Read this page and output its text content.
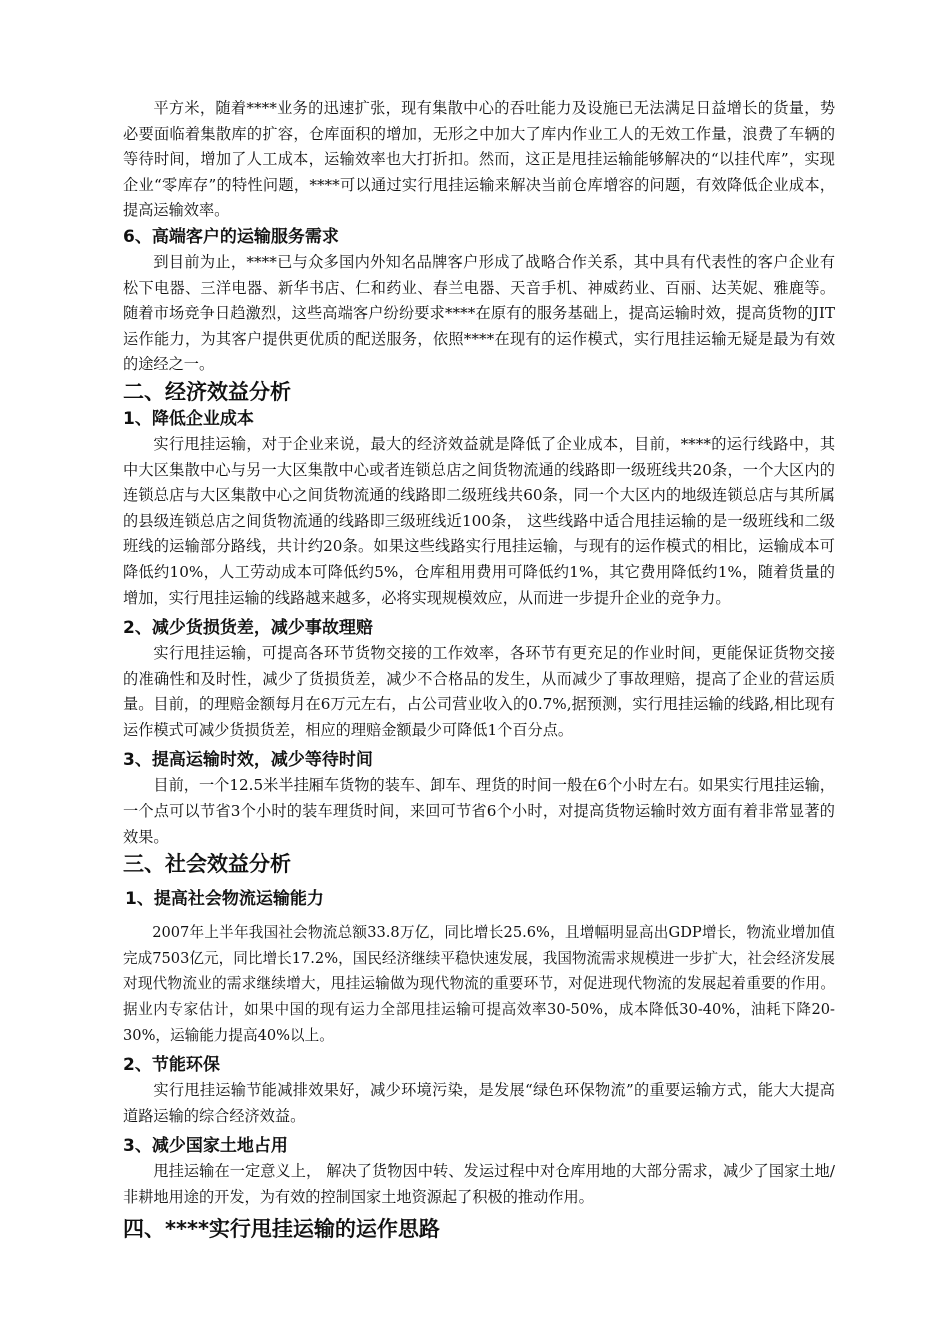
平方米，随着****业务的迅速扩张，现有集散中心的吞吐能力及设施已无法满足日益增长的货量，势必要面临着集散库的扩容，仓库面积的增加，无形之中加大了库内作业工人的无效工作量，浪费了车辆的等待时间，增加了人工成本，运输效率也大打折扣。然而，这正是甩挂运输能够解决的“以挂代库”，实现企业“零库存”的特性问题，****可以通过实行甩挂运输来解决当前仓库增容的问题，有效降低企业成本，提高运输效率。

6、高端客户的运输服务需求

到目前为止，****已与众多国内外知名品牌客户形成了战略合作关系，其中具有代表性的客户企业有松下电器、三洋电器、新华书店、仁和药业、春兰电器、天音手机、神威药业、百丽、达芙妮、雅鹿等。随着市场竞争日趋激烈，这些高端客户纷纷要求****在原有的服务基础上，提高运输时效，提高货物的JIT运作能力，为其客户提供更优质的配送服务，依照****在现有的运作模式，实行甩挂运输无疑是最为有效的途经之一。

二、经济效益分析
1、降低企业成本

实行甩挂运输，对于企业来说，最大的经济效益就是降低了企业成本，目前，****的运行线路中，其中大区集散中心与另一大区集散中心或者连锁总店之间货物流通的线路即一级班线共20条，一个大区内的连锁总店与大区集散中心之间货物流通的线路即二级班线共60条，同一个大区内的地级连锁总店与其所属的县级连锁总店之间货物流通的线路即三级班线近100条， 这些线路中适合甩挂运输的是一级班线和二级班线的运输部分路线，共计约20条。如果这些线路实行甩挂运输，与现有的运作模式的相比，运输成本可降低约10%，人工劳动成本可降低约5%，仓库租用费用可降低约1%，其它费用降低约1%，随着货量的增加，实行甩挂运输的线路越来越多，必将实现规模效应，从而进一步提升企业的竞争力。

2、减少货损货差，减少事故理赔

实行甩挂运输，可提高各环节货物交接的工作效率，各环节有更充足的作业时间，更能保证货物交接的准确性和及时性，减少了货损货差，减少不合格品的发生，从而减少了事故理赔，提高了企业的营运质量。目前，的理赔金额每月在6万元左右，占公司营业收入的0.7%,据预测，实行甩挂运输的线路,相比现有运作模式可减少货损货差，相应的理赔金额最少可降低1个百分点。

3、提高运输时效，减少等待时间

目前，一个12.5米半挂厢车货物的装车、卸车、理货的时间一般在6个小时左右。如果实行甩挂运输，一个点可以节省3个小时的装车理货时间，来回可节省6个小时，对提高货物运输时效方面有着非常显著的效果。

三、社会效益分析
1、提高社会物流运输能力

2007年上半年我国社会物流总额33.8万亿，同比增长25.6%，且增幅明显高出GDP增长，物流业增加值完成7503亿元，同比增长17.2%，国民经济继续平稳快速发展，我国物流需求规模进一步扩大，社会经济发展对现代物流业的需求继续增大，甩挂运输做为现代物流的重要环节，对促进现代物流的发展起着重要的作用。据业内专家估计，如果中国的现有运力全部甩挂运输可提高效率30-50%，成本降低30-40%，油耗下降20-30%，运输能力提高40%以上。

2、节能环保

实行甩挂运输节能减排效果好，减少环境污染，是发展“绿色环保物流”的重要运输方式，能大大提高道路运输的综合经济效益。

3、减少国家土地占用

甩挂运输在一定意义上， 解决了货物因中转、发运过程中对仓库用地的大部分需求，减少了国家土地/非耕地用途的开发，为有效的控制国家土地资源起了积极的推动作用。

四、****实行甩挂运输的运作思路
